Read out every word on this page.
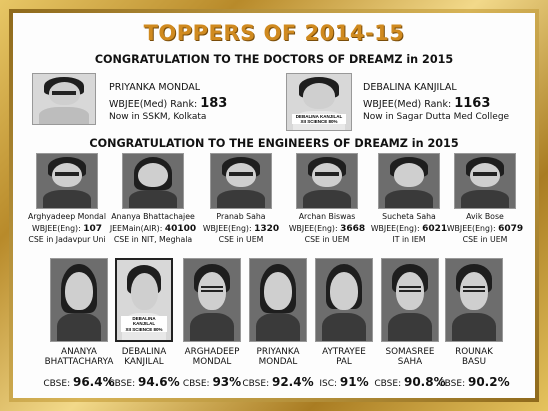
TOPPERS OF 2014-15
CONGRATULATION TO THE DOCTORS OF DREAMZ in 2015
PRIYANKA MONDAL
WBJEE(Med) Rank: 183
Now in SSKM, Kolkata	DEBALINA KANJILAL
XII SCIENCE 80%
DEBALINA KANJILAL
WBJEE(Med) Rank: 1163
Now in Sagar Dutta Med College
CONGRATULATION TO THE ENGINEERS OF DREAMZ in 2015
Arghyadeep Mondal
WBJEE(Eng): 107
CSE in Jadavpur Uni
Ananya Bhattachajee
JEEMain(AIR): 40100
CSE in NIT, Meghala
Pranab Saha
WBJEE(Eng): 1320
CSE in UEM
Archan Biswas
WBJEE(Eng): 3668
CSE in UEM
Sucheta Saha
WBJEE(Eng): 6021
IT in IEM
Avik Bose
WBJEE(Eng): 6079
CSE in UEM
DEBALINA KANJILAL
XII SCIENCE 80%
ANANYA
BHATTACHARYA
DEBALINA
KANJILAL
ARGHADEEP
MONDAL
PRIYANKA
MONDAL
AYTRAYEE
PAL
SOMASREE
SAHA
ROUNAK
BASU
CBSE: 96.4%
CBSE: 94.6% CBSE: 93% CBSE: 92.4% ISC: 91% CBSE: 90.8%
CBSE: 90.2%
